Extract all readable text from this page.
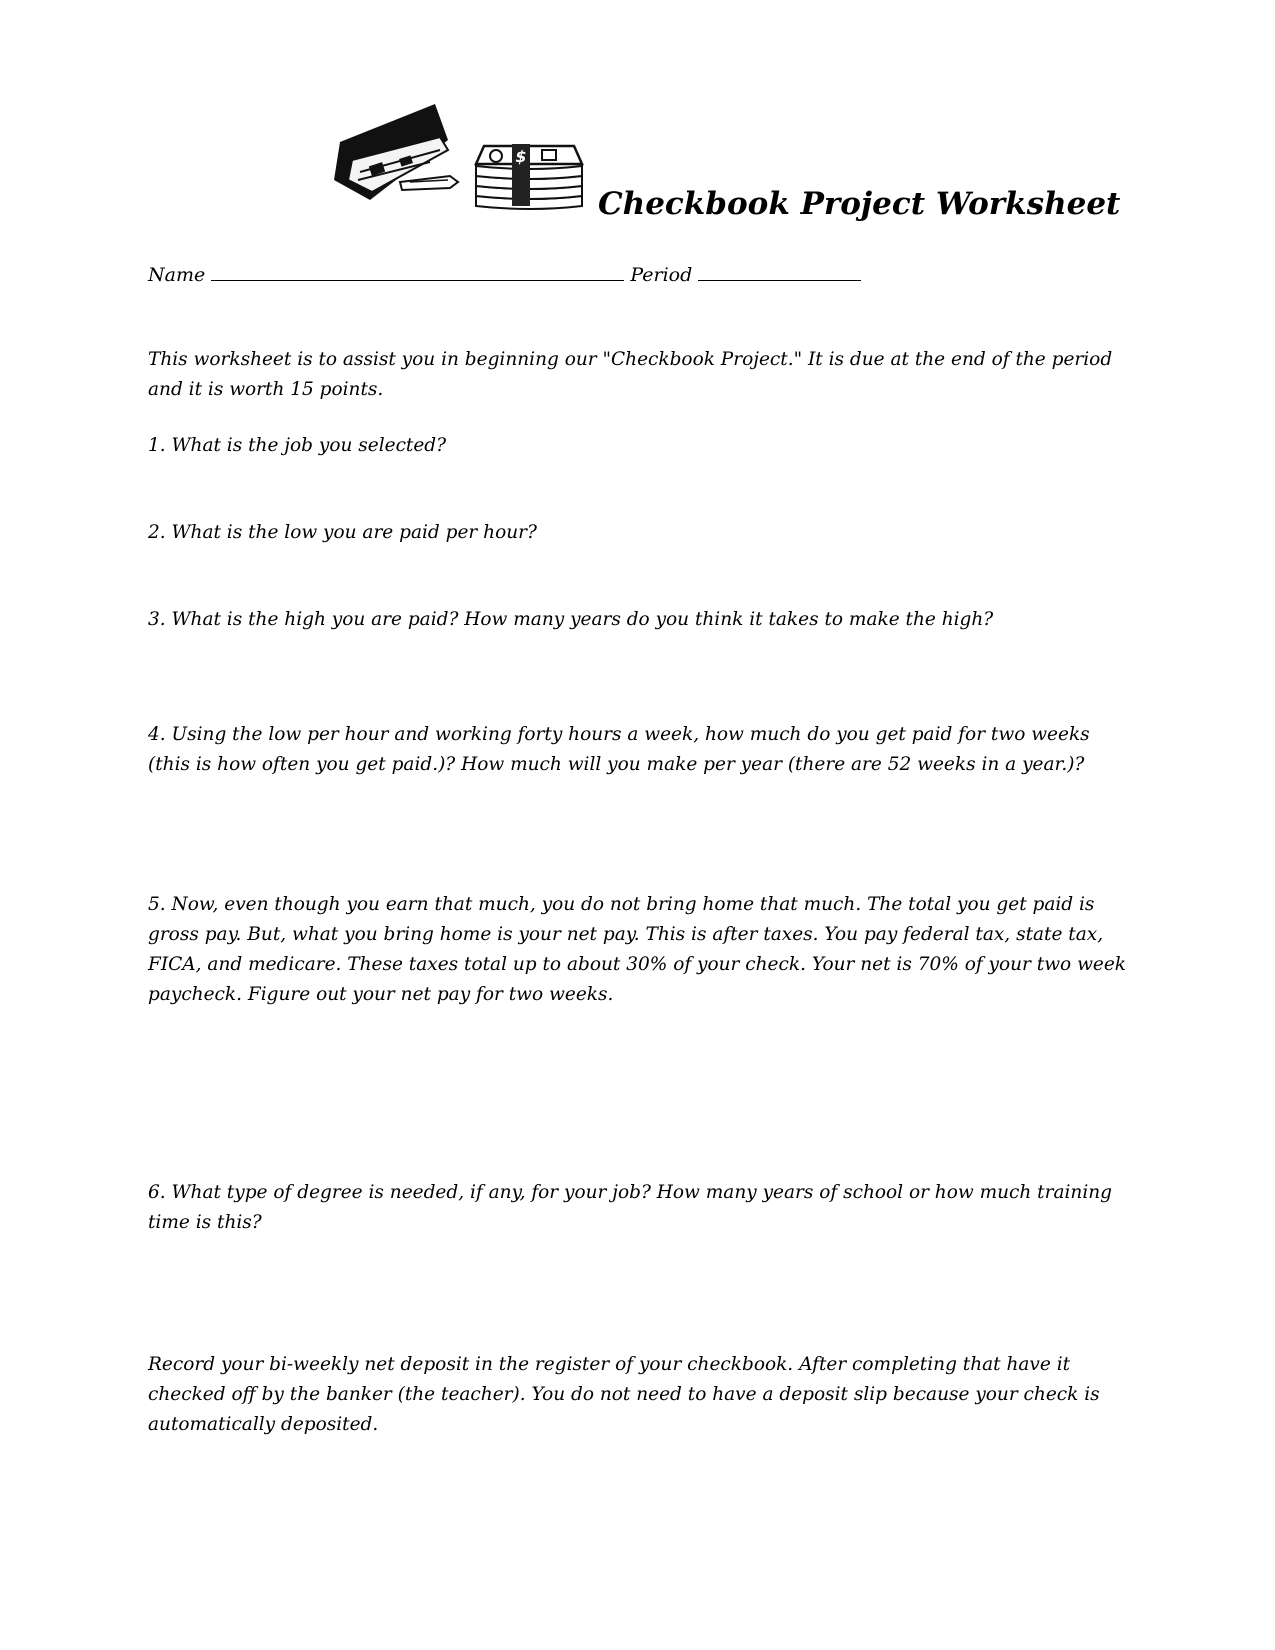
$
Checkbook Project Worksheet
Name	Period
This worksheet is to assist you in beginning our "Checkbook Project." It is due at the end of the period and it is worth 15 points.
1. What is the job you selected?
2. What is the low you are paid per hour?
3. What is the high you are paid? How many years do you think it takes to make the high?
4. Using the low per hour and working forty hours a week, how much do you get paid for two weeks (this is how often you get paid.)? How much will you make per year (there are 52 weeks in a year.)?
5. Now, even though you earn that much, you do not bring home that much. The total you get paid is gross pay. But, what you bring home is your net pay. This is after taxes. You pay federal tax, state tax, FICA, and medicare. These taxes total up to about 30% of your check. Your net is 70% of your two week paycheck. Figure out your net pay for two weeks.
6. What type of degree is needed, if any, for your job? How many years of school or how much training time is this?
Record your bi-weekly net deposit in the register of your checkbook. After completing that have it checked off by the banker (the teacher). You do not need to have a deposit slip because your check is automatically deposited.
